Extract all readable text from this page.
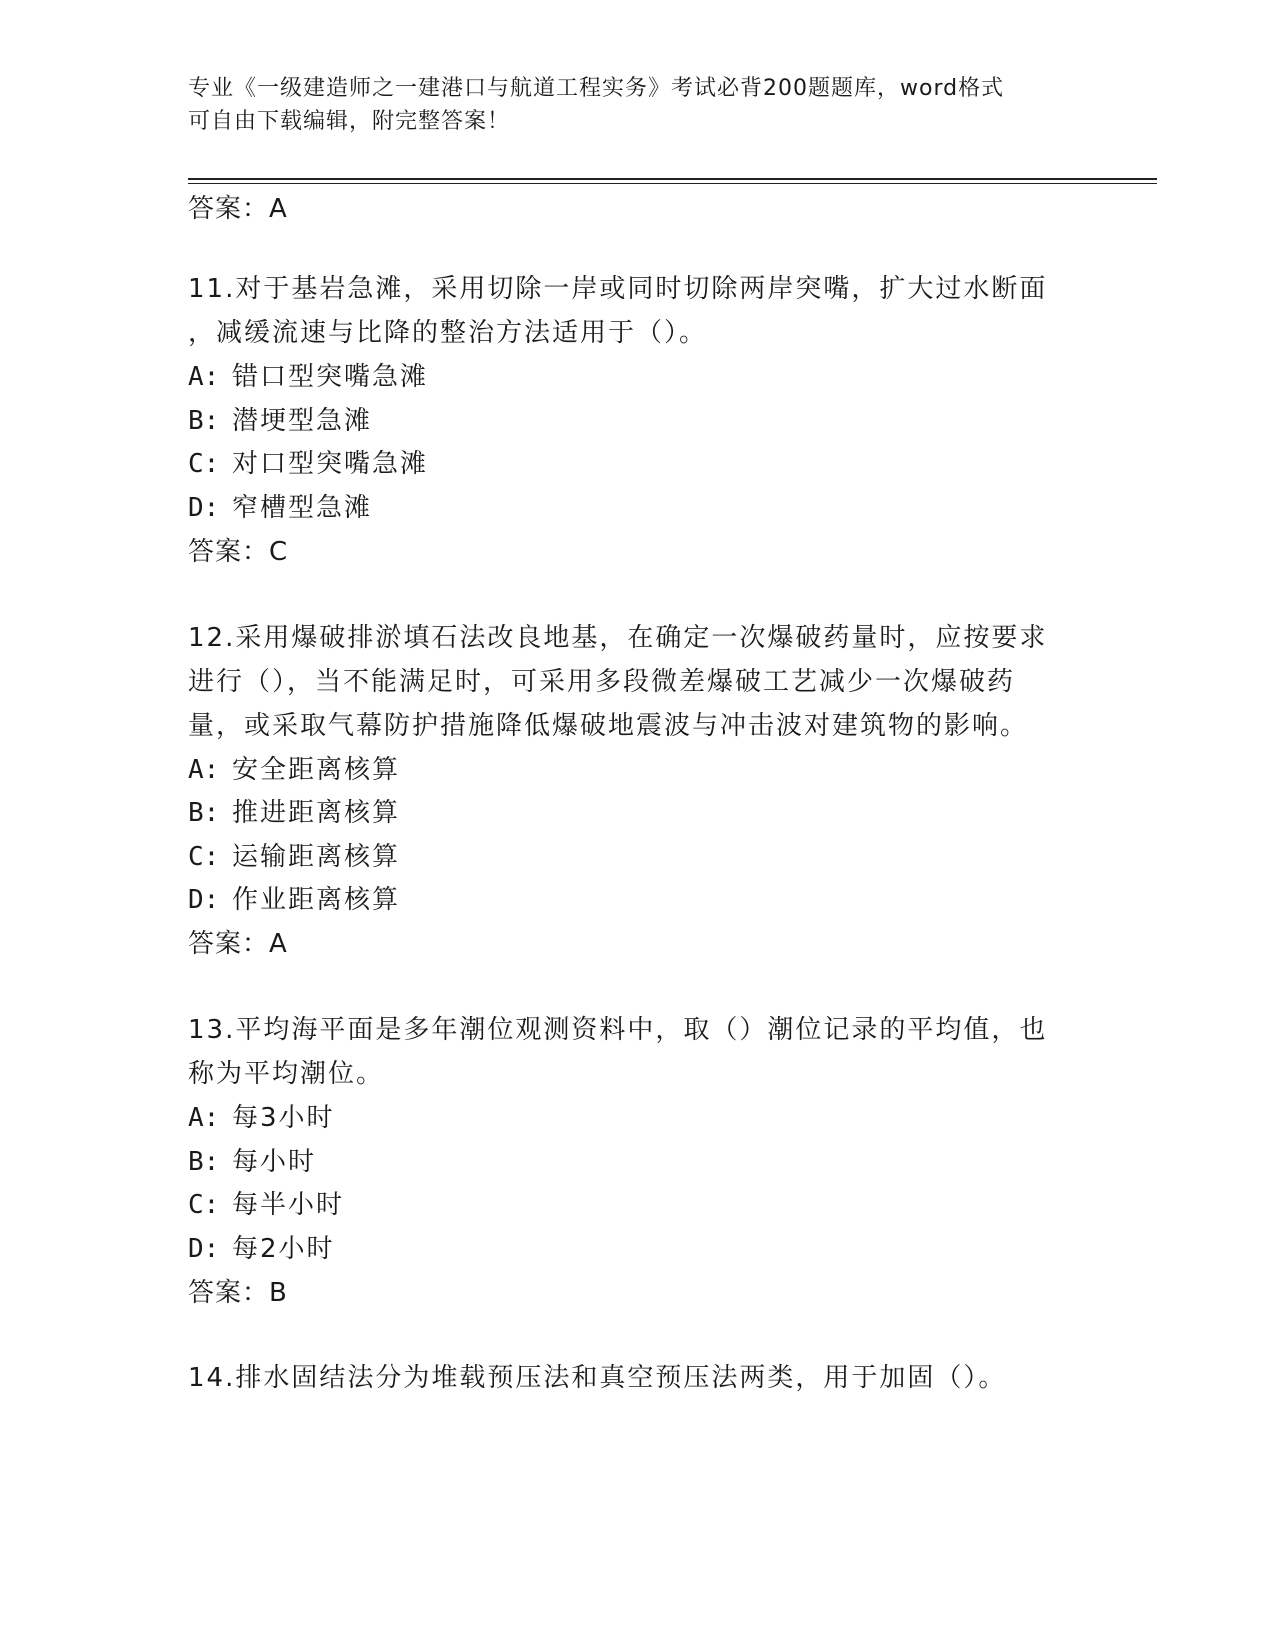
专业《一级建造师之一建港口与航道工程实务》考试必背200题题库，word格式
可自由下载编辑，附完整答案！
答案：A
11.对于基岩急滩，采用切除一岸或同时切除两岸突嘴，扩大过水断面
，减缓流速与比降的整治方法适用于（）。
A: 错口型突嘴急滩
B: 潜埂型急滩
C: 对口型突嘴急滩
D: 窄槽型急滩
答案：C
12.采用爆破排淤填石法改良地基，在确定一次爆破药量时，应按要求
进行（），当不能满足时，可采用多段微差爆破工艺减少一次爆破药
量，或采取气幕防护措施降低爆破地震波与冲击波对建筑物的影响。
A: 安全距离核算
B: 推进距离核算
C: 运输距离核算
D: 作业距离核算
答案：A
13.平均海平面是多年潮位观测资料中，取（）潮位记录的平均值，也
称为平均潮位。
A: 每3小时
B: 每小时
C: 每半小时
D: 每2小时
答案：B
14.排水固结法分为堆载预压法和真空预压法两类，用于加固（）。
